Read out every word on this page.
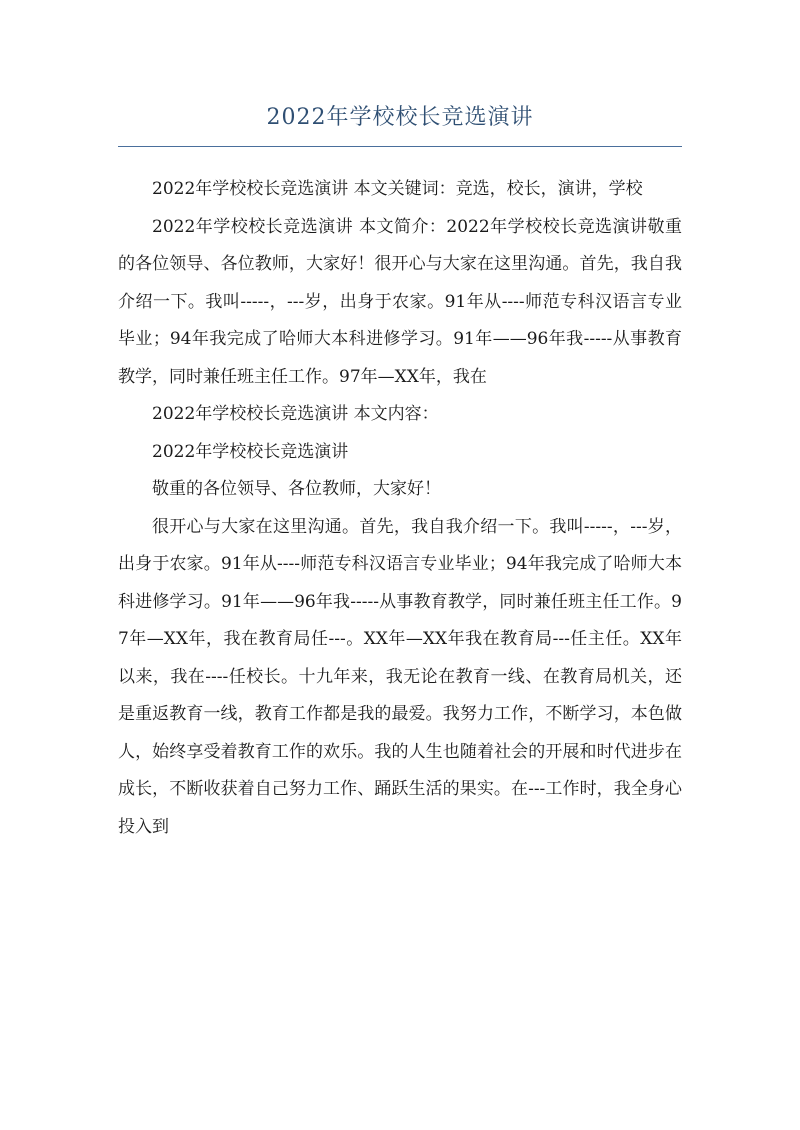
2022年学校校长竞选演讲

2022年学校校长竞选演讲 本文关键词：竞选，校长，演讲，学校

2022年学校校长竞选演讲 本文简介：2022年学校校长竞选演讲敬重的各位领导、各位教师，大家好！很开心与大家在这里沟通。首先，我自我介绍一下。我叫-----，---岁，出身于农家。91年从----师范专科汉语言专业毕业；94年我完成了哈师大本科进修学习。91年——96年我-----从事教育教学，同时兼任班主任工作。97年—XX年，我在

2022年学校校长竞选演讲 本文内容：

2022年学校校长竞选演讲

敬重的各位领导、各位教师，大家好！

很开心与大家在这里沟通。首先，我自我介绍一下。我叫-----，---岁，出身于农家。91年从----师范专科汉语言专业毕业；94年我完成了哈师大本科进修学习。91年——96年我-----从事教育教学，同时兼任班主任工作。97年—XX年，我在教育局任---。XX年—XX年我在教育局---任主任。XX年以来，我在----任校长。十九年来，我无论在教育一线、在教育局机关，还是重返教育一线，教育工作都是我的最爱。我努力工作，不断学习，本色做人，始终享受着教育工作的欢乐。我的人生也随着社会的开展和时代进步在成长，不断收获着自己努力工作、踊跃生活的果实。在---工作时，我全身心投入到
